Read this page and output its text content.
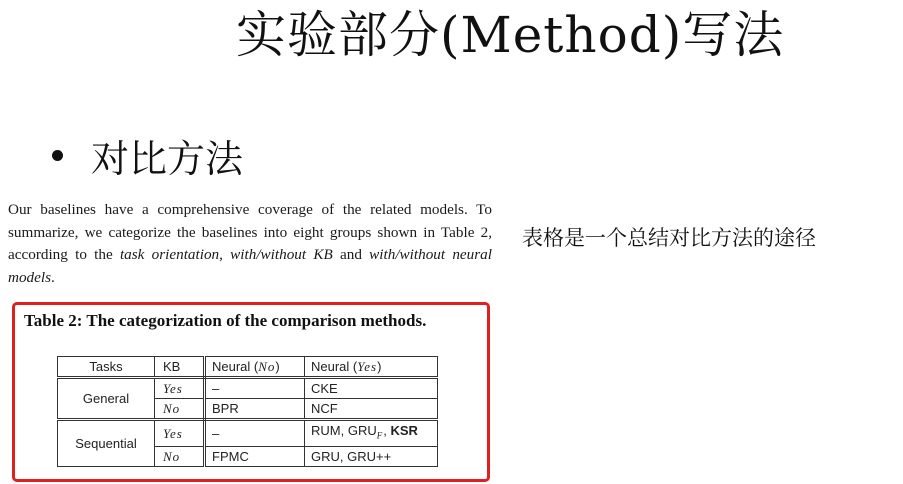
实验部分(Method)写法
对比方法
Our baselines have a comprehensive coverage of the related models. To summarize, we categorize the baselines into eight groups shown in Table 2, according to the task orientation, with/without KB and with/without neural models.
表格是一个总结对比方法的途径
Table 2: The categorization of the comparison methods.
Tasks	KB	Neural (No)	Neural (Yes)
General	Yes	–	CKE
	No	BPR	NCF
Sequential	Yes	–	RUM, $GRU_F$, KSR
	No	FPMC	GRU, GRU++
